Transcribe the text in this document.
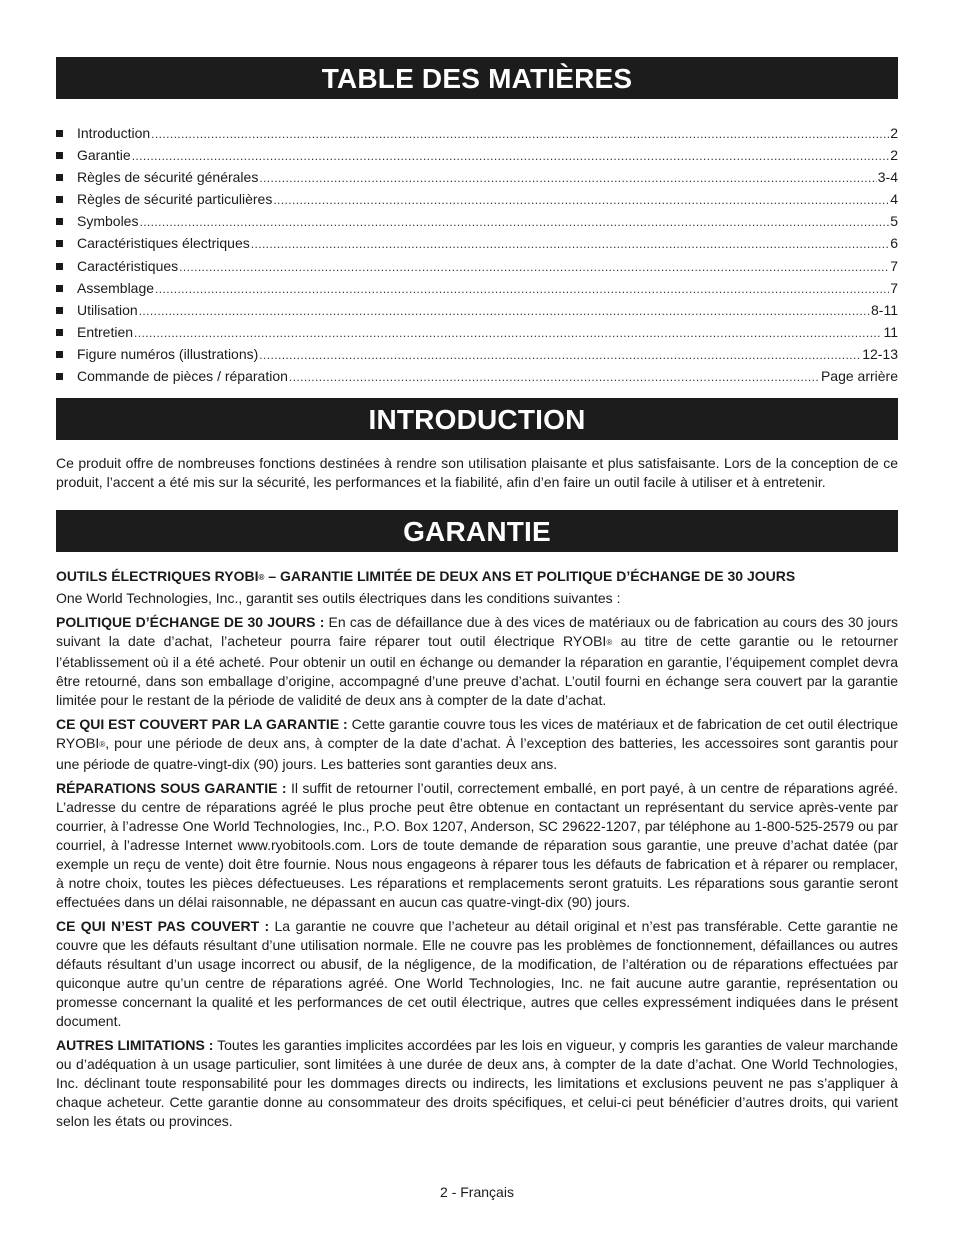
TABLE DES MATIÈRES
Introduction .....	2
Garantie .....	2
Règles de sécurité générales .....	3-4
Règles de sécurité particulières .....	4
Symboles .....	5
Caractéristiques électriques .....	6
Caractéristiques .....	7
Assemblage .....	7
Utilisation .....	8-11
Entretien .....	11
Figure numéros (illustrations) .....	12-13
Commande de pièces / réparation .....	Page arrière
INTRODUCTION

Ce produit offre de nombreuses fonctions destinées à rendre son utilisation plaisante et plus satisfaisante. Lors de la conception de ce produit, l’accent a été mis sur la sécurité, les performances et la fiabilité, afin d’en faire un outil facile à utiliser et à entretenir.

GARANTIE
OUTILS ÉLECTRIQUES RYOBI® – GARANTIE LIMITÉE DE DEUX ANS ET POLITIQUE D’ÉCHANGE DE 30 JOURS

One World Technologies, Inc., garantit ses outils électriques dans les conditions suivantes :

POLITIQUE D’ÉCHANGE DE 30 JOURS : En cas de défaillance due à des vices de matériaux ou de fabrication au cours des 30 jours suivant la date d’achat, l’acheteur pourra faire réparer tout outil électrique RYOBI® au titre de cette garantie ou le retourner l’établissement où il a été acheté. Pour obtenir un outil en échange ou demander la réparation en garantie, l’équipement complet devra être retourné, dans son emballage d’origine, accompagné d’une preuve d’achat. L’outil fourni en échange sera couvert par la garantie limitée pour le restant de la période de validité de deux ans à compter de la date d’achat.

CE QUI EST COUVERT PAR LA GARANTIE : Cette garantie couvre tous les vices de matériaux et de fabrication de cet outil électrique RYOBI®, pour une période de deux ans, à compter de la date d’achat. À l’exception des batteries, les accessoires sont garantis pour une période de quatre-vingt-dix (90) jours. Les batteries sont garanties deux ans.

RÉPARATIONS SOUS GARANTIE : Il suffit de retourner l’outil, correctement emballé, en port payé, à un centre de réparations agréé. L’adresse du centre de réparations agréé le plus proche peut être obtenue en contactant un représentant du service après-vente par courrier, à l’adresse One World Technologies, Inc., P.O. Box 1207, Anderson, SC 29622-1207, par téléphone au 1-800-525-2579 ou par courriel, à l’adresse Internet www.ryobitools.com. Lors de toute demande de réparation sous garantie, une preuve d’achat datée (par exemple un reçu de vente) doit être fournie. Nous nous engageons à réparer tous les défauts de fabrication et à réparer ou remplacer, à notre choix, toutes les pièces défectueuses. Les réparations et remplacements seront gratuits. Les réparations sous garantie seront effectuées dans un délai raisonnable, ne dépassant en aucun cas quatre-vingt-dix (90) jours.

CE QUI N’EST PAS COUVERT : La garantie ne couvre que l’acheteur au détail original et n’est pas transférable. Cette garantie ne couvre que les défauts résultant d’une utilisation normale. Elle ne couvre pas les problèmes de fonctionnement, défaillances ou autres défauts résultant d’un usage incorrect ou abusif, de la négligence, de la modification, de l’altération ou de réparations effectuées par quiconque autre qu’un centre de réparations agréé. One World Technologies, Inc. ne fait aucune autre garantie, représentation ou promesse concernant la qualité et les performances de cet outil électrique, autres que celles expressément indiquées dans le présent document.

AUTRES LIMITATIONS : Toutes les garanties implicites accordées par les lois en vigueur, y compris les garanties de valeur marchande ou d’adéquation à un usage particulier, sont limitées à une durée de deux ans, à compter de la date d’achat. One World Technologies, Inc. déclinant toute responsabilité pour les dommages directs ou indirects, les limitations et exclusions peuvent ne pas s’appliquer à chaque acheteur. Cette garantie donne au consommateur des droits spécifiques, et celui-ci peut bénéficier d’autres droits, qui varient selon les états ou provinces.

2 - Français
